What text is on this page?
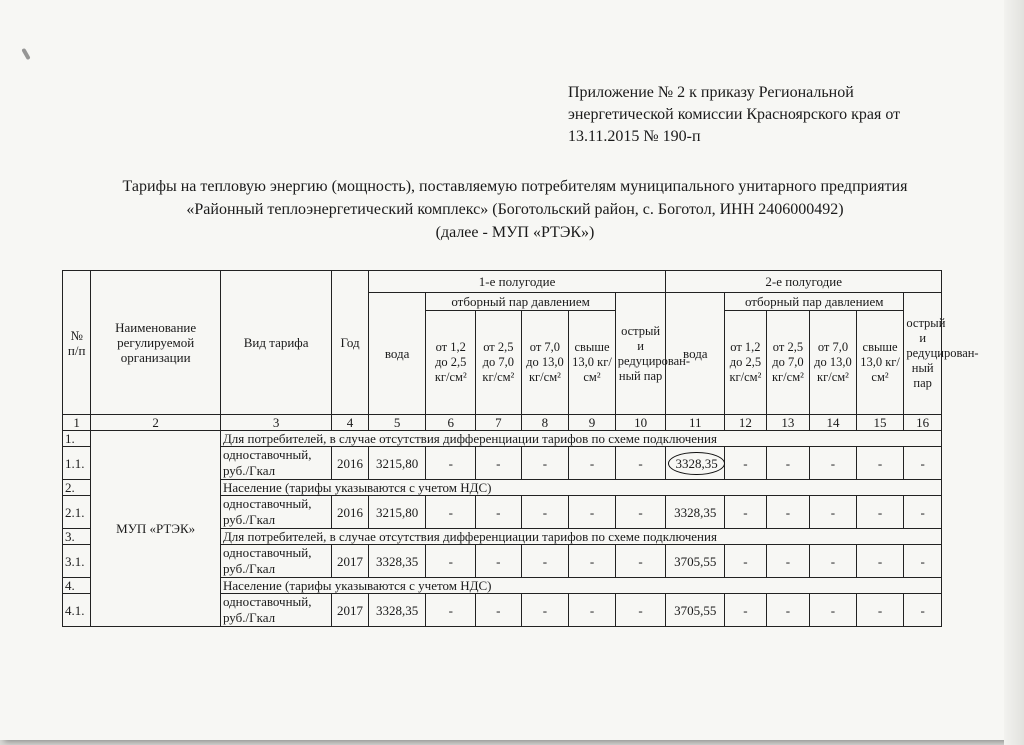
Приложение № 2 к приказу Региональной
энергетической комиссии Красноярского края от
13.11.2015 № 190-п
Тарифы на тепловую энергию (мощность), поставляемую потребителям муниципального унитарного предприятия
«Районный теплоэнергетический комплекс» (Боготольский район, с. Боготол, ИНН 2406000492)
(далее - МУП «РТЭК»)
№ п/п	Наименование регулируемой организации	Вид тарифа	Год	1-е полугодие						2-е полугодие					
				вода	отборный пар давлением				острый и редуцирован-ный пар	вода	отборный пар давлением				острый и редуцирован-ный пар
					от 1,2 до 2,5 кг/см²	от 2,5 до 7,0 кг/см²	от 7,0 до 13,0 кг/см²	свыше 13,0 кг/см²			от 1,2 до 2,5 кг/см²	от 2,5 до 7,0 кг/см²	от 7,0 до 13,0 кг/см²	свыше 13,0 кг/см²	
1	2	3	4	5	6	7	8	9	10	11	12	13	14	15	16
1.	МУП «РТЭК»	Для потребителей, в случае отсутствия дифференциации тарифов по схеме подключения													
1.1.		одноставочный, руб./Гкал	2016	3215,80	-	-	-	-	-	3328,35	-	-	-	-	-
2.		Население (тарифы указываются с учетом НДС)													
2.1.		одноставочный, руб./Гкал	2016	3215,80	-	-	-	-	-	3328,35	-	-	-	-	-
3.		Для потребителей, в случае отсутствия дифференциации тарифов по схеме подключения													
3.1.		одноставочный, руб./Гкал	2017	3328,35	-	-	-	-	-	3705,55	-	-	-	-	-
4.		Население (тарифы указываются с учетом НДС)													
4.1.		одноставочный, руб./Гкал	2017	3328,35	-	-	-	-	-	3705,55	-	-	-	-	-
